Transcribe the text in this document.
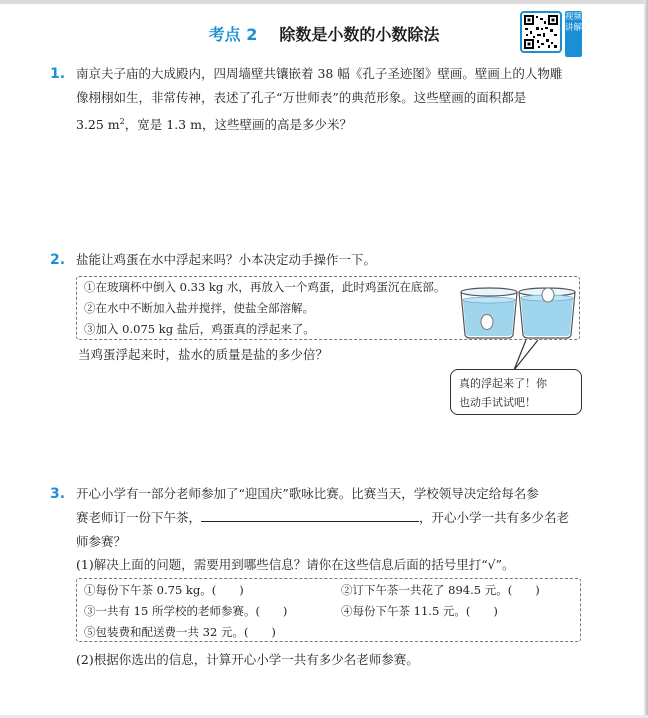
考点 2 除数是小数的小数除法
视频讲解
1. 南京夫子庙的大成殿内，四周墙壁共镶嵌着 38 幅《孔子圣迹图》壁画。壁画上的人物雕
像栩栩如生，非常传神，表述了孔子“万世师表”的典范形象。这些壁画的面积都是
3.25 $m^2$，宽是 1.3 m，这些壁画的高是多少米？
2. 盐能让鸡蛋在水中浮起来吗？小本决定动手操作一下。
①在玻璃杯中倒入 0.33 kg 水，再放入一个鸡蛋，此时鸡蛋沉在底部。
②在水中不断加入盐并搅拌，使盐全部溶解。
③加入 0.075 kg 盐后，鸡蛋真的浮起来了。
当鸡蛋浮起来时，盐水的质量是盐的多少倍？
真的浮起来了！你
也动手试试吧！
3. 开心小学有一部分老师参加了“迎国庆”歌咏比赛。比赛当天，学校领导决定给每名参
赛老师订一份下午茶，	，开心小学一共有多少名老
师参赛？
(1)解决上面的问题，需要用到哪些信息？请你在这些信息后面的括号里打“√”。
①每份下午茶 0.75 kg。(　　)	②订下午茶一共花了 894.5 元。(　　)
③一共有 15 所学校的老师参赛。(　　)	④每份下午茶 11.5 元。(　　)
⑤包装费和配送费一共 32 元。(　　)
(2)根据你选出的信息，计算开心小学一共有多少名老师参赛。
